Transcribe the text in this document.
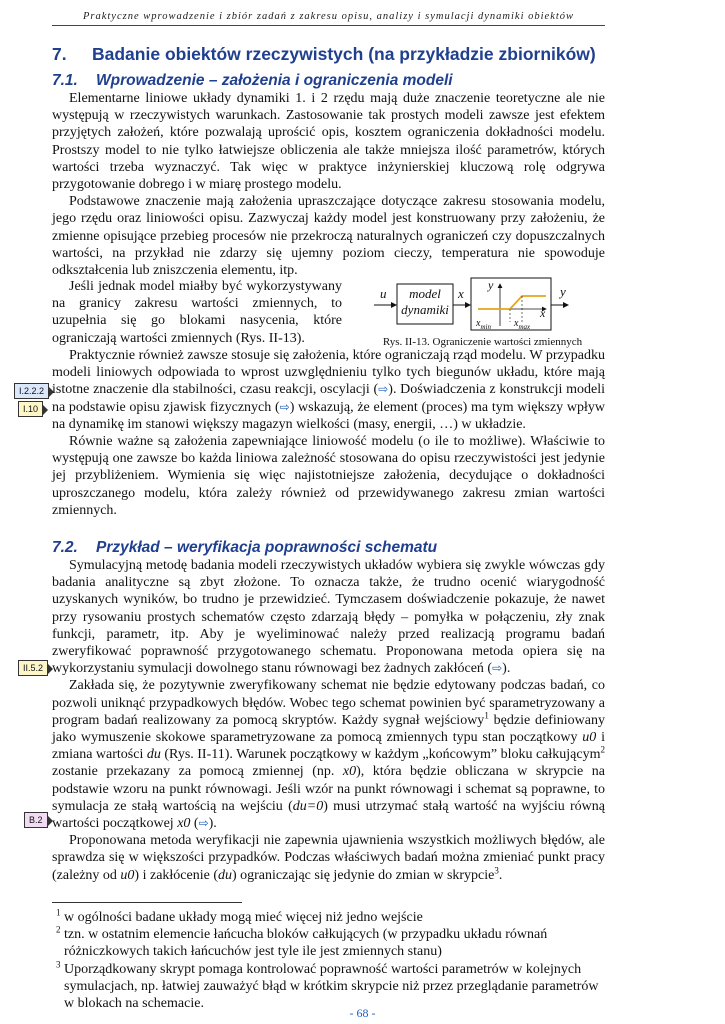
Praktyczne wprowadzenie i zbiór zadań z zakresu opisu, analizy i symulacji dynamiki obiektów
7. Badanie obiektów rzeczywistych (na przykładzie zbiorników)
7.1. Wprowadzenie – założenia i ograniczenia modeli

Elementarne liniowe układy dynamiki 1. i 2 rzędu mają duże znaczenie teoretyczne ale nie występują w rzeczywistych warunkach. Zastosowanie tak prostych modeli zawsze jest efektem przyjętych założeń, które pozwalają uprościć opis, kosztem ograniczenia dokładności modelu. Prostszy model to nie tylko łatwiejsze obliczenia ale także mniejsza ilość parametrów, których wartości trzeba wyznaczyć. Tak więc w praktyce inżynierskiej kluczową rolę odgrywa przygotowanie dobrego i w miarę prostego modelu.

Podstawowe znaczenie mają założenia upraszczające dotyczące zakresu stosowania modelu, jego rzędu oraz liniowości opisu. Zazwyczaj każdy model jest konstruowany przy założeniu, że zmienne opisujące przebieg procesów nie przekroczą naturalnych ograniczeń czy dopuszczalnych wartości, na przykład nie zdarzy się ujemny poziom cieczy, temperatura nie spowoduje odkształcenia lub zniszczenia elementu, itp.

Jeśli jednak model miałby być wykorzystywany na granicy zakresu wartości zmiennych, to uzupełnia się go blokami nasycenia, które ograniczają wartości zmiennych (Rys. II-13).

u	model
dynamiki
x
y
x
$x_{min}$ $x_{max}$
y
Rys. II-13. Ograniczenie wartości zmiennych

Praktycznie również zawsze stosuje się założenia, które ograniczają rząd modelu. W przypadku modeli liniowych odpowiada to wprost uzwględnieniu tylko tych biegunów układu, które mają istotne znaczenie dla stabilności, czasu reakcji, oscylacji (⇨). Doświadczenia z konstrukcji modeli na podstawie opisu zjawisk fizycznych (⇨) wskazują, że element (proces) ma tym większy wpływ na dynamikę im stanowi większy magazyn wielkości (masy, energii, …) w układzie.

Równie ważne są założenia zapewniające liniowość modelu (o ile to możliwe). Właściwie to występują one zawsze bo każda liniowa zależność stosowana do opisu rzeczywistości jest jedynie jej przybliżeniem. Wymienia się więc najistotniejsze założenia, decydujące o dokładności uproszczanego modelu, która zależy również od przewidywanego zakresu zmian wartości zmiennych.

I.2.2.2
I.10
7.2. Przykład – weryfikacja poprawności schematu

Symulacyjną metodę badania modeli rzeczywistych układów wybiera się zwykle wówczas gdy badania analityczne są zbyt złożone. To oznacza także, że trudno ocenić wiarygodność uzyskanych wyników, bo trudno je przewidzieć. Tymczasem doświadczenie pokazuje, że nawet przy rysowaniu prostych schematów często zdarzają błędy – pomyłka w połączeniu, zły znak funkcji, parametr, itp. Aby je wyeliminować należy przed realizacją programu badań zweryfikować poprawność przygotowanego schematu. Proponowana metoda opiera się na wykorzystaniu symulacji dowolnego stanu równowagi bez żadnych zakłóceń (⇨).

Zakłada się, że pozytywnie zweryfikowany schemat nie będzie edytowany podczas badań, co pozwoli uniknąć przypadkowych błędów. Wobec tego schemat powinien być sparametryzowany a program badań realizowany za pomocą skryptów. Każdy sygnał wejściowy$^1$ będzie definiowany jako wymuszenie skokowe sparametryzowane za pomocą zmiennych typu stan początkowy u0 i zmiana wartości du (Rys. II-11). Warunek początkowy w każdym „końcowym” bloku całkującym$^2$ zostanie przekazany za pomocą zmiennej (np. x0), która będzie obliczana w skrypcie na podstawie wzoru na punkt równowagi. Jeśli wzór na punkt równowagi i schemat są poprawne, to symulacja ze stałą wartością na wejściu (du=0) musi utrzymać stałą wartość na wyjściu równą wartości początkowej x0 (⇨).

Proponowana metoda weryfikacji nie zapewnia ujawnienia wszystkich możliwych błędów, ale sprawdza się w większości przypadków. Podczas właściwych badań można zmieniać punkt pracy (zależny od u0) i zakłócenie (du) ograniczając się jedynie do zmian w skrypcie$^3$.

II.5.2
B.2

$^1$ w ogólności badane układy mogą mieć więcej niż jedno wejście

$^2$ tzn. w ostatnim elemencie łańcucha bloków całkujących (w przypadku układu równań różniczkowych takich łańcuchów jest tyle ile jest zmiennych stanu)

$^3$ Uporządkowany skrypt pomaga kontrolować poprawność wartości parametrów w kolejnych symulacjach, np. łatwiej zauważyć błąd w krótkim skrypcie niż przez przeglądanie parametrów w blokach na schemacie.

- 68 -
